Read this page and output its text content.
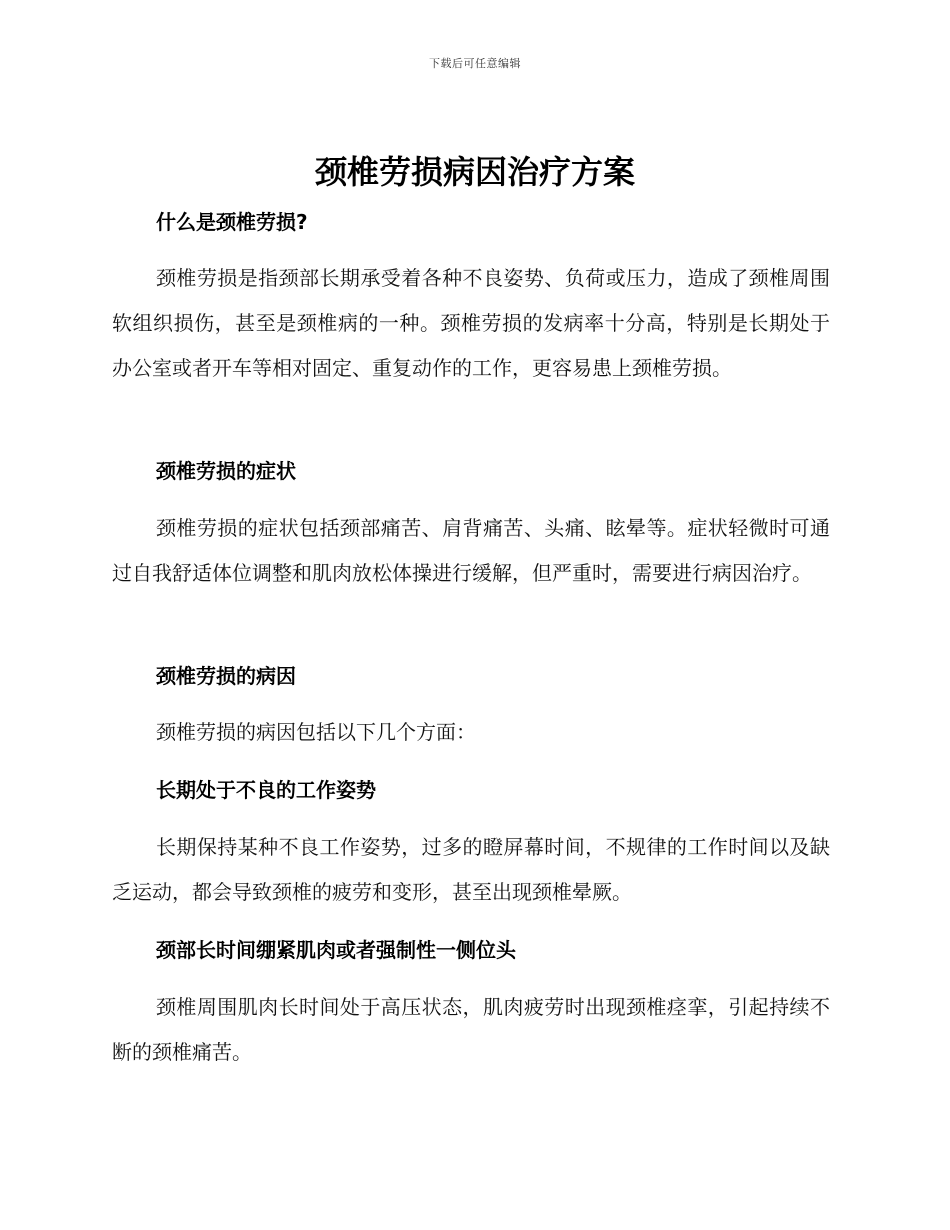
下载后可任意编辑
颈椎劳损病因治疗方案
什么是颈椎劳损?

颈椎劳损是指颈部长期承受着各种不良姿势、负荷或压力，造成了颈椎周围软组织损伤，甚至是颈椎病的一种。颈椎劳损的发病率十分高，特别是长期处于办公室或者开车等相对固定、重复动作的工作，更容易患上颈椎劳损。

颈椎劳损的症状

颈椎劳损的症状包括颈部痛苦、肩背痛苦、头痛、眩晕等。症状轻微时可通过自我舒适体位调整和肌肉放松体操进行缓解，但严重时，需要进行病因治疗。

颈椎劳损的病因

颈椎劳损的病因包括以下几个方面：

长期处于不良的工作姿势

长期保持某种不良工作姿势，过多的瞪屏幕时间，不规律的工作时间以及缺乏运动，都会导致颈椎的疲劳和变形，甚至出现颈椎晕厥。

颈部长时间绷紧肌肉或者强制性一侧位头

颈椎周围肌肉长时间处于高压状态，肌肉疲劳时出现颈椎痉挛，引起持续不断的颈椎痛苦。
